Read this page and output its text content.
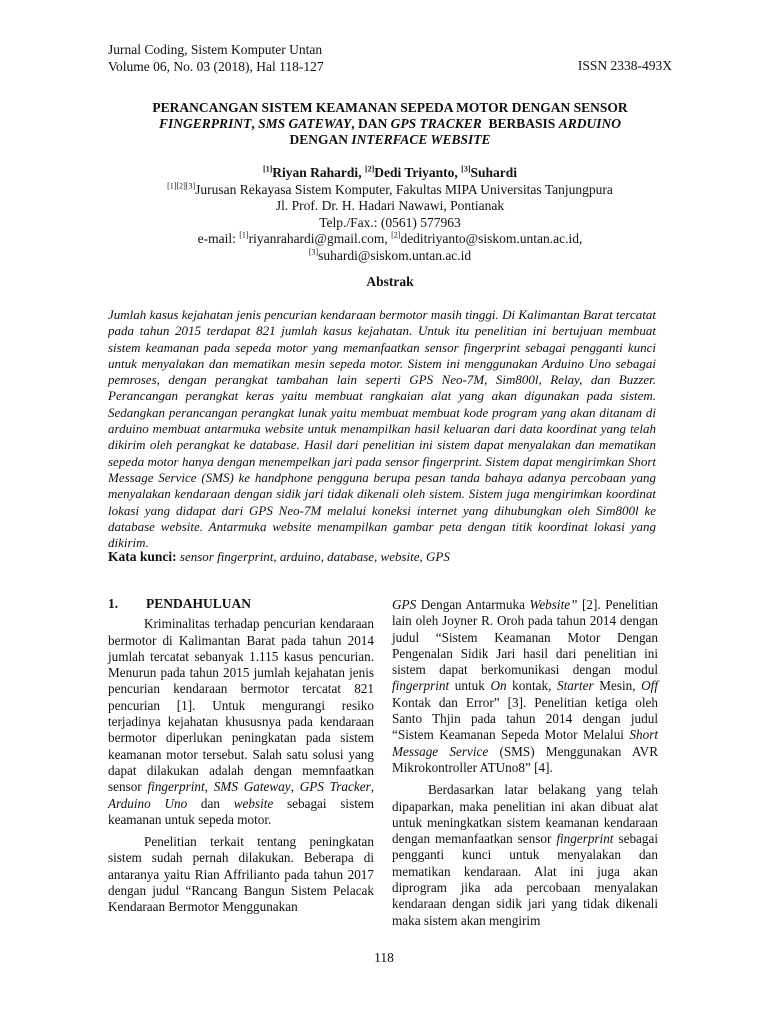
Jurnal Coding, Sistem Komputer Untan
Volume 06, No. 03 (2018), Hal 118-127	ISSN 2338-493X
PERANCANGAN SISTEM KEAMANAN SEPEDA MOTOR DENGAN SENSOR
FINGERPRINT, SMS GATEWAY, DAN GPS TRACKER  BERBASIS ARDUINO
DENGAN INTERFACE WEBSITE
[1]Riyan Rahardi, [2]Dedi Triyanto, [3]Suhardi
[1][2][3]Jurusan Rekayasa Sistem Komputer, Fakultas MIPA Universitas Tanjungpura
Jl. Prof. Dr. H. Hadari Nawawi, Pontianak
Telp./Fax.: (0561) 577963
e-mail: [1]riyanrahardi@gmail.com, [2]deditriyanto@siskom.untan.ac.id,
[3]suhardi@siskom.untan.ac.id
Abstrak
Jumlah kasus kejahatan jenis pencurian kendaraan bermotor masih tinggi. Di Kalimantan Barat tercatat pada tahun 2015 terdapat 821 jumlah kasus kejahatan. Untuk itu penelitian ini bertujuan membuat sistem keamanan pada sepeda motor yang memanfaatkan sensor fingerprint sebagai pengganti kunci untuk menyalakan dan mematikan mesin sepeda motor. Sistem ini menggunakan Arduino Uno sebagai pemroses, dengan perangkat tambahan lain seperti GPS Neo-7M, Sim800l, Relay, dan Buzzer. Perancangan perangkat keras yaitu membuat rangkaian alat yang akan digunakan pada sistem. Sedangkan perancangan perangkat lunak yaitu membuat membuat kode program yang akan ditanam di arduino membuat antarmuka website untuk menampilkan hasil keluaran dari data koordinat yang telah dikirim oleh perangkat ke database. Hasil dari penelitian ini sistem dapat menyalakan dan mematikan sepeda motor hanya dengan menempelkan jari pada sensor fingerprint. Sistem dapat mengirimkan Short Message Service (SMS) ke handphone pengguna berupa pesan tanda bahaya adanya percobaan yang menyalakan kendaraan dengan sidik jari tidak dikenali oleh sistem. Sistem juga mengirimkan koordinat lokasi yang didapat dari GPS Neo-7M melalui koneksi internet yang dihubungkan oleh Sim800l ke database website. Antarmuka website menampilkan gambar peta dengan titik koordinat lokasi yang dikirim.
Kata kunci: sensor fingerprint, arduino, database, website, GPS
1. PENDAHULUAN

Kriminalitas terhadap pencurian kendaraan bermotor di Kalimantan Barat pada tahun 2014 jumlah tercatat sebanyak 1.115 kasus pencurian. Menurun pada tahun 2015 jumlah kejahatan jenis pencurian kendaraan bermotor tercatat 821 pencurian [1]. Untuk mengurangi resiko terjadinya kejahatan khususnya pada kendaraan bermotor diperlukan peningkatan pada sistem keamanan motor tersebut. Salah satu solusi yang dapat dilakukan adalah dengan memnfaatkan sensor fingerprint, SMS Gateway, GPS Tracker, Arduino Uno dan website sebagai sistem keamanan untuk sepeda motor.

Penelitian terkait tentang peningkatan sistem sudah pernah dilakukan. Beberapa di antaranya yaitu Rian Affrilianto pada tahun 2017 dengan judul “Rancang Bangun Sistem Pelacak Kendaraan Bermotor Menggunakan

GPS Dengan Antarmuka Website” [2]. Penelitian lain oleh Joyner R. Oroh pada tahun 2014 dengan judul “Sistem Keamanan Motor Dengan Pengenalan Sidik Jari hasil dari penelitian ini sistem dapat berkomunikasi dengan modul fingerprint untuk On kontak, Starter Mesin, Off Kontak dan Error” [3]. Penelitian ketiga oleh Santo Thjin pada tahun 2014 dengan judul “Sistem Keamanan Sepeda Motor Melalui Short Message Service (SMS) Menggunakan AVR Mikrokontroller ATUno8” [4].

Berdasarkan latar belakang yang telah dipaparkan, maka penelitian ini akan dibuat alat untuk meningkatkan sistem keamanan kendaraan dengan memanfaatkan sensor fingerprint sebagai pengganti kunci untuk menyalakan dan mematikan kendaraan. Alat ini juga akan diprogram jika ada percobaan menyalakan kendaraan dengan sidik jari yang tidak dikenali maka sistem akan mengirim

118
